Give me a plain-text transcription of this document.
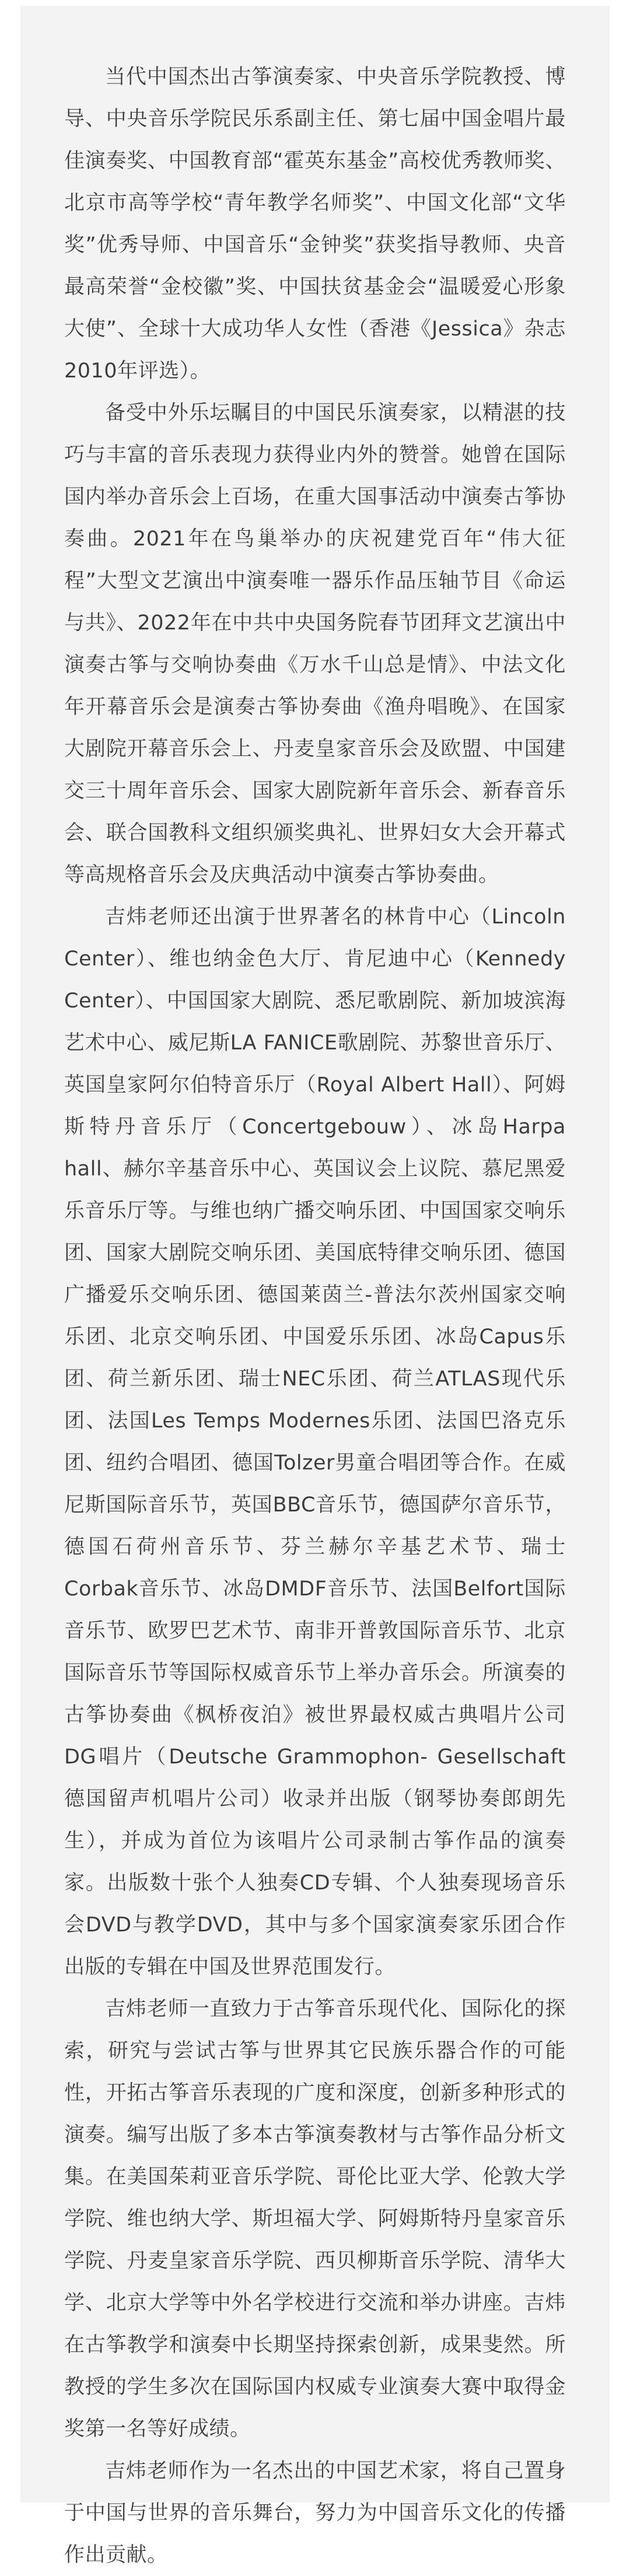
当代中国杰出古筝演奏家、中央音乐学院教授、博导、中央音乐学院民乐系副主任、第七届中国金唱片最佳演奏奖、中国教育部“霍英东基金”高校优秀教师奖、北京市高等学校“青年教学名师奖”、中国文化部“文华奖”优秀导师、中国音乐“金钟奖”获奖指导教师、央音最高荣誉“金校徽”奖、中国扶贫基金会“温暖爱心形象大使”、全球十大成功华人女性（香港《Jessica》杂志2010年评选）。

备受中外乐坛瞩目的中国民乐演奏家，以精湛的技巧与丰富的音乐表现力获得业内外的赞誉。她曾在国际国内举办音乐会上百场，在重大国事活动中演奏古筝协奏曲。2021年在鸟巢举办的庆祝建党百年“伟大征程”大型文艺演出中演奏唯一器乐作品压轴节目《命运与共》、2022年在中共中央国务院春节团拜文艺演出中演奏古筝与交响协奏曲《万水千山总是情》、中法文化年开幕音乐会是演奏古筝协奏曲《渔舟唱晚》、在国家大剧院开幕音乐会上、丹麦皇家音乐会及欧盟、中国建交三十周年音乐会、国家大剧院新年音乐会、新春音乐会、联合国教科文组织颁奖典礼、世界妇女大会开幕式等高规格音乐会及庆典活动中演奏古筝协奏曲。

吉炜老师还出演于世界著名的林肯中心（Lincoln Center）、维也纳金色大厅、肯尼迪中心（Kennedy Center）、中国国家大剧院、悉尼歌剧院、新加坡滨海艺术中心、威尼斯LA FANICE歌剧院、苏黎世音乐厅、英国皇家阿尔伯特音乐厅（Royal Albert Hall）、阿姆斯特丹音乐厅（Concertgebouw）、冰岛Harpa hall、赫尔辛基音乐中心、英国议会上议院、慕尼黑爱乐音乐厅等。与维也纳广播交响乐团、中国国家交响乐团、国家大剧院交响乐团、美国底特律交响乐团、德国广播爱乐交响乐团、德国莱茵兰-普法尔茨州国家交响乐团、北京交响乐团、中国爱乐乐团、冰岛Capus乐团、荷兰新乐团、瑞士NEC乐团、荷兰ATLAS现代乐团、法国Les Temps Modernes乐团、法国巴洛克乐团、纽约合唱团、德国Tolzer男童合唱团等合作。在威尼斯国际音乐节，英国BBC音乐节，德国萨尔音乐节，德国石荷州音乐节、芬兰赫尔辛基艺术节、瑞士Corbak音乐节、冰岛DMDF音乐节、法国Belfort国际音乐节、欧罗巴艺术节、南非开普敦国际音乐节、北京国际音乐节等国际权威音乐节上举办音乐会。所演奏的古筝协奏曲《枫桥夜泊》被世界最权威古典唱片公司DG唱片（Deutsche Grammophon- Gesellschaft 德国留声机唱片公司）收录并出版（钢琴协奏郎朗先生），并成为首位为该唱片公司录制古筝作品的演奏家。出版数十张个人独奏CD专辑、个人独奏现场音乐会DVD与教学DVD，其中与多个国家演奏家乐团合作出版的专辑在中国及世界范围发行。

吉炜老师一直致力于古筝音乐现代化、国际化的探索，研究与尝试古筝与世界其它民族乐器合作的可能性，开拓古筝音乐表现的广度和深度，创新多种形式的演奏。编写出版了多本古筝演奏教材与古筝作品分析文集。在美国茱莉亚音乐学院、哥伦比亚大学、伦敦大学学院、维也纳大学、斯坦福大学、阿姆斯特丹皇家音乐学院、丹麦皇家音乐学院、西贝柳斯音乐学院、清华大学、北京大学等中外名学校进行交流和举办讲座。吉炜在古筝教学和演奏中长期坚持探索创新，成果斐然。所教授的学生多次在国际国内权威专业演奏大赛中取得金奖第一名等好成绩。

吉炜老师作为一名杰出的中国艺术家，将自己置身于中国与世界的音乐舞台，努力为中国音乐文化的传播作出贡献。
